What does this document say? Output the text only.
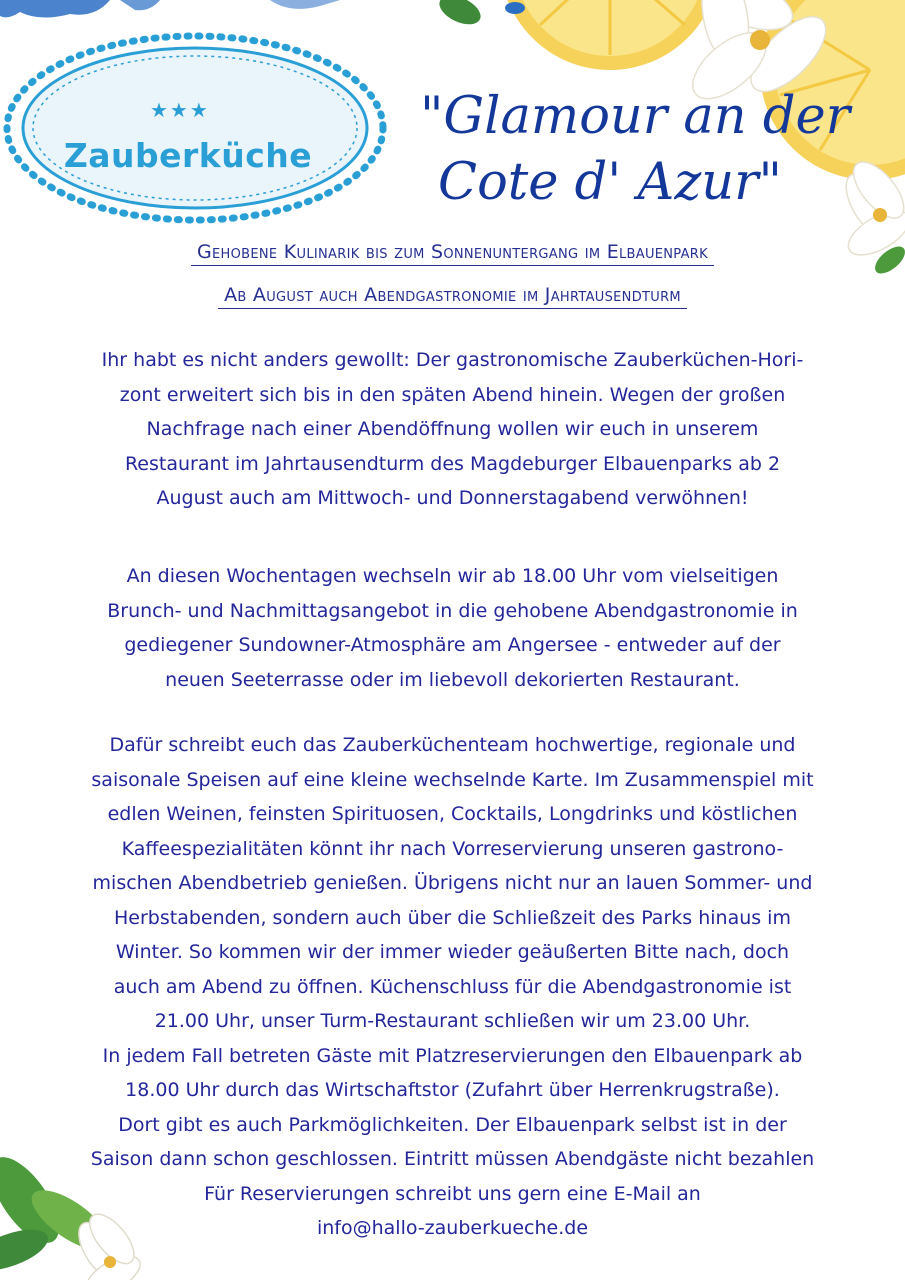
★★★
Zauberküche
"Glamour an der

Cote d' Azur"
Gehobene Kulinarik bis zum Sonnenuntergang im Elbauenpark
Ab August auch Abendgastronomie im Jahrtausendturm
Ihr habt es nicht anders gewollt: Der gastronomische Zauberküchen-Hori-
zont erweitert sich bis in den späten Abend hinein. Wegen der großen
Nachfrage nach einer Abendöffnung wollen wir euch in unserem
Restaurant im Jahrtausendturm des Magdeburger Elbauenparks ab 2
August auch am Mittwoch- und Donnerstagabend verwöhnen!
An diesen Wochentagen wechseln wir ab 18.00 Uhr vom vielseitigen
Brunch- und Nachmittagsangebot in die gehobene Abendgastronomie in
gediegener Sundowner-Atmosphäre am Angersee - entweder auf der
neuen Seeterrasse oder im liebevoll dekorierten Restaurant.
Dafür schreibt euch das Zauberküchenteam hochwertige, regionale und
saisonale Speisen auf eine kleine wechselnde Karte. Im Zusammenspiel mit
edlen Weinen, feinsten Spirituosen, Cocktails, Longdrinks und köstlichen
Kaffeespezialitäten könnt ihr nach Vorreservierung unseren gastrono-
mischen Abendbetrieb genießen. Übrigens nicht nur an lauen Sommer- und
Herbstabenden, sondern auch über die Schließzeit des Parks hinaus im
Winter. So kommen wir der immer wieder geäußerten Bitte nach, doch
auch am Abend zu öffnen. Küchenschluss für die Abendgastronomie ist
21.00 Uhr, unser Turm-Restaurant schließen wir um 23.00 Uhr.
In jedem Fall betreten Gäste mit Platzreservierungen den Elbauenpark ab
18.00 Uhr durch das Wirtschaftstor (Zufahrt über Herrenkrugstraße).
Dort gibt es auch Parkmöglichkeiten. Der Elbauenpark selbst ist in der
Saison dann schon geschlossen. Eintritt müssen Abendgäste nicht bezahlen
Für Reservierungen schreibt uns gern eine E-Mail an
info@hallo-zauberkueche.de
